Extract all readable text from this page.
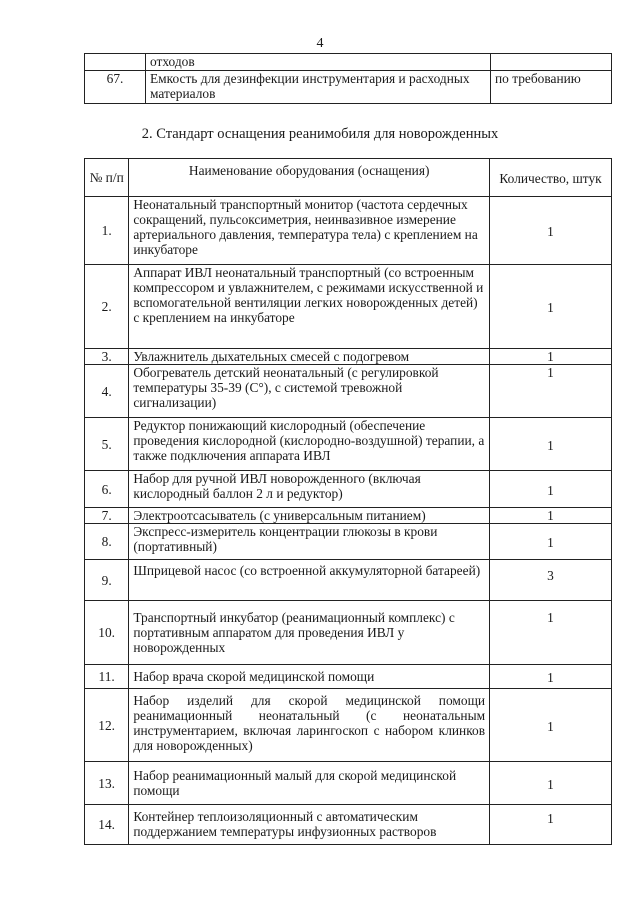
4
	отходов	
67.	Емкость для дезинфекции инструментария и расходных материалов	по требованию
2. Стандарт оснащения реанимобиля для новорожденных
№ п/п	Наименование оборудования (оснащения)	Количество, штук
1.	Неонатальный транспортный монитор (частота сердечных сокращений, пульсоксиметрия, неинвазивное измерение артериального давления, температура тела) с креплением на инкубаторе	1
2.	Аппарат ИВЛ неонатальный транспортный (со встроенным компрессором и увлажнителем, с режимами искусственной и вспомогательной вентиляции легких новорожденных детей) с креплением на инкубаторе	1
3.	Увлажнитель дыхательных смесей с подогревом	1
4.	Обогреватель детский неонатальный (с регулировкой температуры 35-39 (С°), с системой тревожной сигнализации)	1
5.	Редуктор понижающий кислородный (обеспечение проведения кислородной (кислородно-воздушной) терапии, а также подключения аппарата ИВЛ	1
6.	Набор для ручной ИВЛ новорожденного (включая кислородный баллон 2 л и редуктор)	1
7.	Электроотсасыватель (с универсальным питанием)	1
8.	Экспресс-измеритель концентрации глюкозы в крови (портативный)	1
9.	Шприцевой насос (со встроенной аккумуляторной батареей)	3
10.	Транспортный инкубатор (реанимационный комплекс) с портативным аппаратом для проведения ИВЛ у новорожденных	1
11.	Набор врача скорой медицинской помощи	1
12.	Набор изделий для скорой медицинской помощи реанимационный неонатальный (с неонатальным инструментарием, включая ларингоскоп с набором клинков для новорожденных)	1
13.	Набор реанимационный малый для скорой медицинской помощи	1
14.	Контейнер теплоизоляционный с автоматическим поддержанием температуры инфузионных растворов	1
